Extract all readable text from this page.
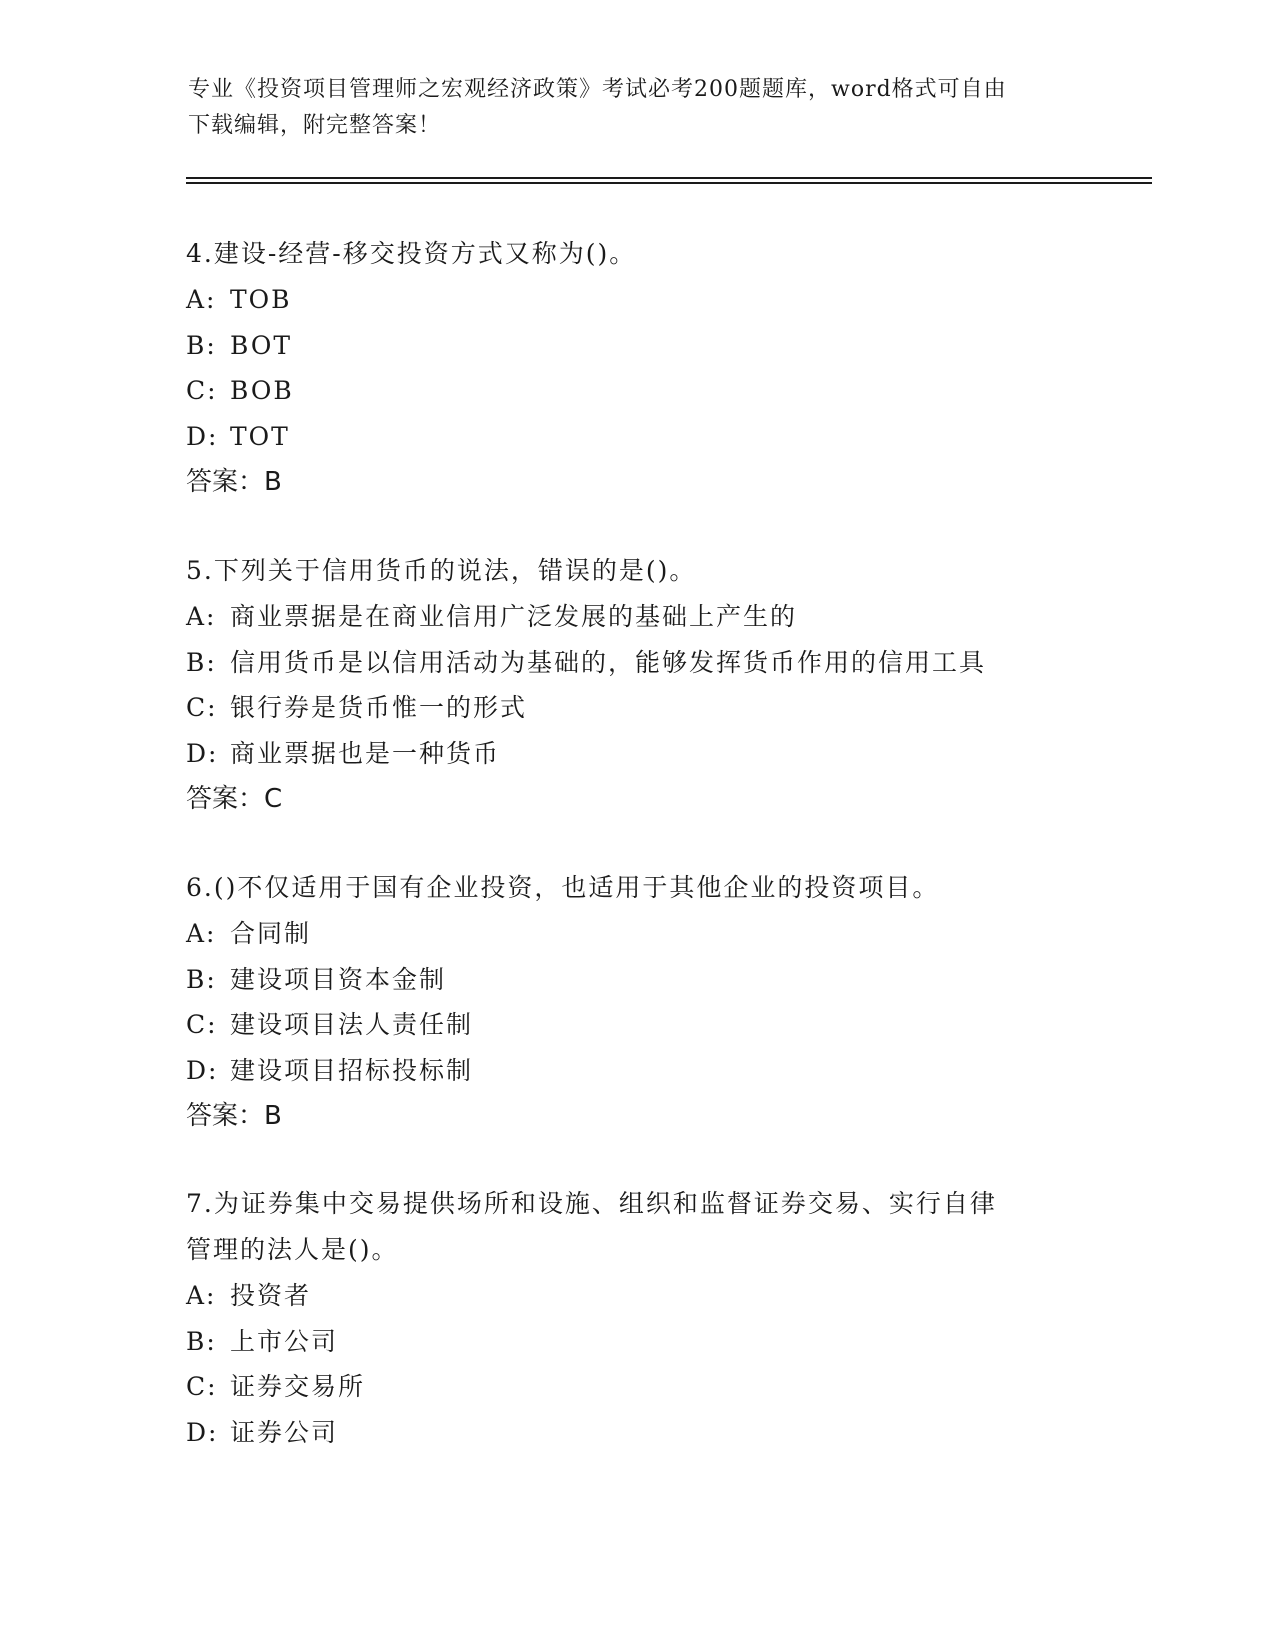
专业《投资项目管理师之宏观经济政策》考试必考200题题库，word格式可自由
下载编辑，附完整答案！
4.建设-经营-移交投资方式又称为()。
A: TOB
B: BOT
C: BOB
D: TOT
答案：B
5.下列关于信用货币的说法，错误的是()。
A: 商业票据是在商业信用广泛发展的基础上产生的
B: 信用货币是以信用活动为基础的，能够发挥货币作用的信用工具
C: 银行券是货币惟一的形式
D: 商业票据也是一种货币
答案：C
6.()不仅适用于国有企业投资，也适用于其他企业的投资项目。
A: 合同制
B: 建设项目资本金制
C: 建设项目法人责任制
D: 建设项目招标投标制
答案：B
7.为证券集中交易提供场所和设施、组织和监督证券交易、实行自律
管理的法人是()。
A: 投资者
B: 上市公司
C: 证券交易所
D: 证券公司
